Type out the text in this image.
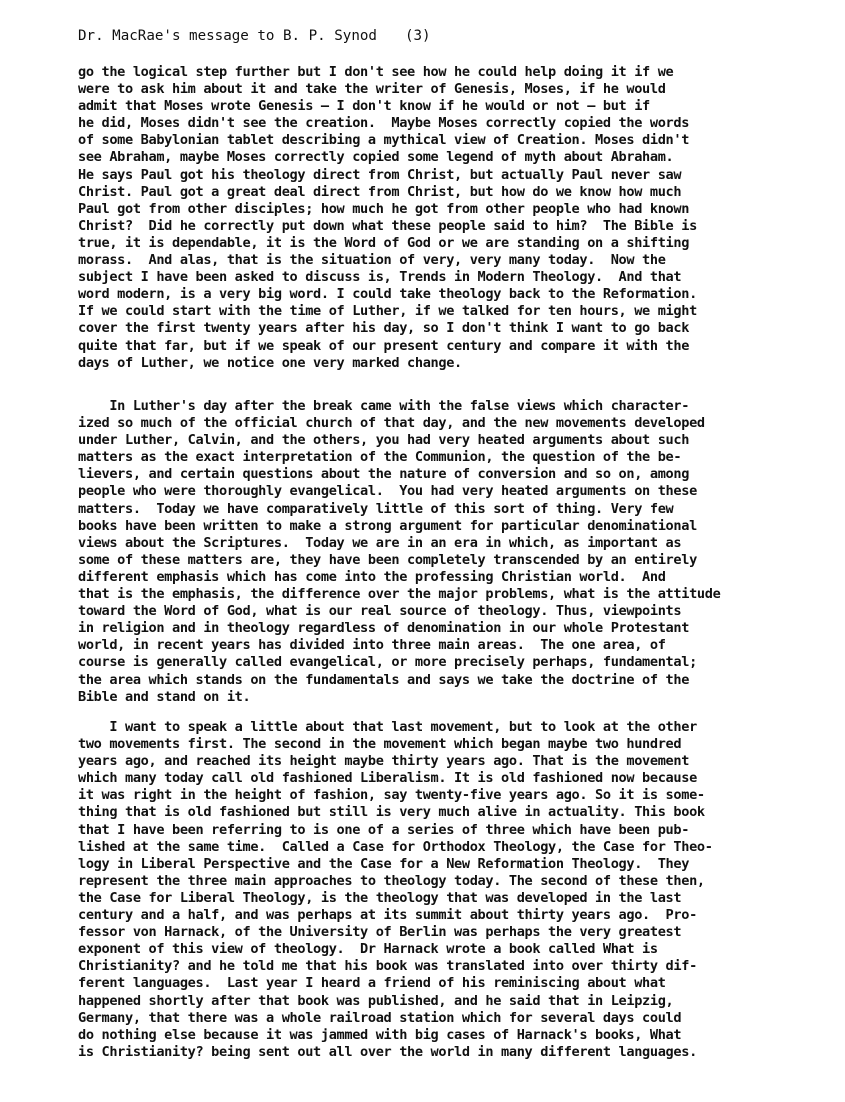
Dr. MacRae's message to B. P. Synod (3)
go the logical step further but I don't see how he could help doing it if we
were to ask him about it and take the writer of Genesis, Moses, if he would
admit that Moses wrote Genesis — I don't know if he would or not — but if
he did, Moses didn't see the creation.  Maybe Moses correctly copied the words
of some Babylonian tablet describing a mythical view of Creation. Moses didn't
see Abraham, maybe Moses correctly copied some legend of myth about Abraham.
He says Paul got his theology direct from Christ, but actually Paul never saw
Christ. Paul got a great deal direct from Christ, but how do we know how much
Paul got from other disciples; how much he got from other people who had known
Christ?  Did he correctly put down what these people said to him?  The Bible is
true, it is dependable, it is the Word of God or we are standing on a shifting
morass.  And alas, that is the situation of very, very many today.  Now the
subject I have been asked to discuss is, Trends in Modern Theology.  And that
word modern, is a very big word. I could take theology back to the Reformation.
If we could start with the time of Luther, if we talked for ten hours, we might
cover the first twenty years after his day, so I don't think I want to go back
quite that far, but if we speak of our present century and compare it with the
days of Luther, we notice one very marked change.
In Luther's day after the break came with the false views which character-
ized so much of the official church of that day, and the new movements developed
under Luther, Calvin, and the others, you had very heated arguments about such
matters as the exact interpretation of the Communion, the question of the be-
lievers, and certain questions about the nature of conversion and so on, among
people who were thoroughly evangelical.  You had very heated arguments on these
matters.  Today we have comparatively little of this sort of thing. Very few
books have been written to make a strong argument for particular denominational
views about the Scriptures.  Today we are in an era in which, as important as
some of these matters are, they have been completely transcended by an entirely
different emphasis which has come into the professing Christian world.  And
that is the emphasis, the difference over the major problems, what is the attitude
toward the Word of God, what is our real source of theology. Thus, viewpoints
in religion and in theology regardless of denomination in our whole Protestant
world, in recent years has divided into three main areas.  The one area, of
course is generally called evangelical, or more precisely perhaps, fundamental;
the area which stands on the fundamentals and says we take the doctrine of the
Bible and stand on it.
I want to speak a little about that last movement, but to look at the other
two movements first. The second in the movement which began maybe two hundred
years ago, and reached its height maybe thirty years ago. That is the movement
which many today call old fashioned Liberalism. It is old fashioned now because
it was right in the height of fashion, say twenty-five years ago. So it is some-
thing that is old fashioned but still is very much alive in actuality. This book
that I have been referring to is one of a series of three which have been pub-
lished at the same time.  Called a Case for Orthodox Theology, the Case for Theo-
logy in Liberal Perspective and the Case for a New Reformation Theology.  They
represent the three main approaches to theology today. The second of these then,
the Case for Liberal Theology, is the theology that was developed in the last
century and a half, and was perhaps at its summit about thirty years ago.  Pro-
fessor von Harnack, of the University of Berlin was perhaps the very greatest
exponent of this view of theology.  Dr Harnack wrote a book called What is
Christianity? and he told me that his book was translated into over thirty dif-
ferent languages.  Last year I heard a friend of his reminiscing about what
happened shortly after that book was published, and he said that in Leipzig,
Germany, that there was a whole railroad station which for several days could
do nothing else because it was jammed with big cases of Harnack's books, What
is Christianity? being sent out all over the world in many different languages.
